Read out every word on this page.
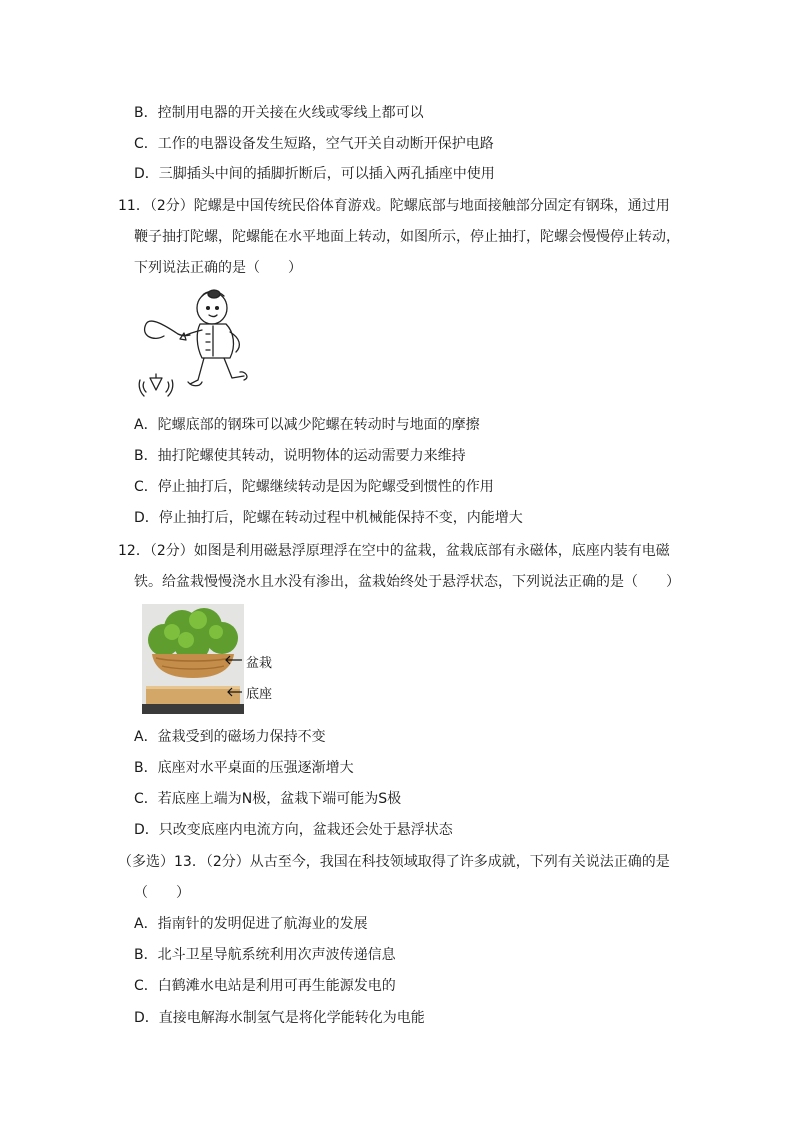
B．控制用电器的开关接在火线或零线上都可以
C．工作的电器设备发生短路，空气开关自动断开保护电路
D．三脚插头中间的插脚折断后，可以插入两孔插座中使用
11．（2分）陀螺是中国传统民俗体育游戏。陀螺底部与地面接触部分固定有钢珠，通过用
鞭子抽打陀螺，陀螺能在水平地面上转动，如图所示，停止抽打，陀螺会慢慢停止转动，
下列说法正确的是（　　）
A．陀螺底部的钢珠可以减少陀螺在转动时与地面的摩擦
B．抽打陀螺使其转动，说明物体的运动需要力来维持
C．停止抽打后，陀螺继续转动是因为陀螺受到惯性的作用
D．停止抽打后，陀螺在转动过程中机械能保持不变，内能增大
12．（2分）如图是利用磁悬浮原理浮在空中的盆栽，盆栽底部有永磁体，底座内装有电磁
铁。给盆栽慢慢浇水且水没有渗出，盆栽始终处于悬浮状态，下列说法正确的是（　　）
盆栽
底座
A．盆栽受到的磁场力保持不变
B．底座对水平桌面的压强逐渐增大
C．若底座上端为N极，盆栽下端可能为S极
D．只改变底座内电流方向，盆栽还会处于悬浮状态
（多选）13．（2分）从古至今，我国在科技领域取得了许多成就，下列有关说法正确的是
（　　）
A．指南针的发明促进了航海业的发展
B．北斗卫星导航系统利用次声波传递信息
C．白鹤滩水电站是利用可再生能源发电的
D．直接电解海水制氢气是将化学能转化为电能
